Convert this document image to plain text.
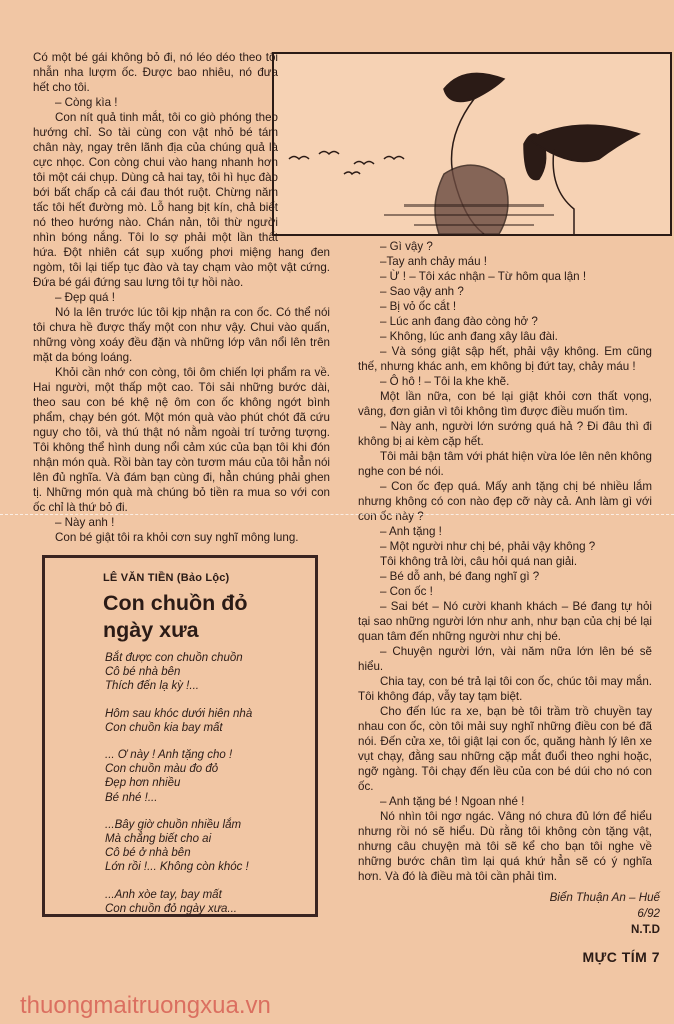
Có một bé gái không bỏ đi, nó léo déo theo tôi nhẫn nha lượm ốc. Được bao nhiêu, nó đưa hết cho tôi.

– Còng kìa !

Con nít quả tinh mắt, tôi co giò phóng theo hướng chỉ. So tài cùng con vật nhỏ bé tám chân này, ngay trên lãnh địa của chúng quả là cực nhọc. Con còng chui vào hang nhanh hơn tôi một cái chụp. Dùng cả hai tay, tôi hì hục đào bới bất chấp cả cái đau thót ruột. Chừng năm tấc tôi hết đường mò. Lỗ hang bịt kín, chả biết nó theo hướng nào. Chán nản, tôi thừ người nhìn bóng nắng. Tôi lo sợ phải một lần thất hứa. Đột nhiên cát sụp xuống phơi miệng hang đen ngòm, tôi lại tiếp tục đào và tay chạm vào một vật cứng. Đứa bé gái đứng sau lưng tôi tự hồi nào.

– Đẹp quá !

Nó la lên trước lúc tôi kịp nhận ra con ốc. Có thể nói tôi chưa hề được thấy một con như vậy. Chui vào quấn, những vòng xoáy đều đặn và những lớp vân nổi lên trên mặt da bóng loáng.

Khỏi cần nhớ con còng, tôi ôm chiến lợi phẩm ra về. Hai người, một thấp một cao. Tôi sải những bước dài, theo sau con bé khệ nệ ôm con ốc không ngớt bình phẩm, chạy bén gót. Một món quà vào phút chót đã cứu nguy cho tôi, và thú thật nó nằm ngoài trí tưởng tượng. Tôi không thể hình dung nổi cảm xúc của bạn tôi khi đón nhận món quà. Rồi bàn tay còn tươm máu của tôi hẳn nói lên đủ nghĩa. Và đám bạn cùng đi, hẳn chúng phải ghen tị. Những món quà mà chúng bỏ tiền ra mua so với con ốc chỉ là thứ bỏ đi.

– Này anh !

Con bé giật tôi ra khỏi cơn suy nghĩ mông lung.

LÊ VĂN TIỀN (Bảo Lộc)
Con chuồn đỏ ngày xưa
Bắt được con chuồn chuồn
Cô bé nhà bên
Thích đến lạ kỳ !...
Hôm sau khóc dưới hiên nhà
Con chuồn kia bay mất
... Ơ này ! Anh tặng cho !
Con chuồn màu đo đỏ
Đẹp hơn nhiều
Bé nhé !...
...Bây giờ chuồn nhiều lắm
Mà chẳng biết cho ai
Cô bé ở nhà bên
Lớn rồi !... Không còn khóc !
...Anh xòe tay, bay mất
Con chuồn đỏ ngày xưa...

– Gì vậy ?

–Tay anh chảy máu !

– Ừ ! – Tôi xác nhận – Từ hôm qua lận !

– Sao vậy anh ?

– Bị vỏ ốc cắt !

– Lúc anh đang đào còng hở ?

– Không, lúc anh đang xây lâu đài.

– Và sóng giật sập hết, phải vậy không. Em cũng thế, nhưng khác anh, em không bị đứt tay, chảy máu !

– Ô hô ! – Tôi la khe khẽ.

Một lần nữa, con bé lại giật khỏi cơn thất vọng, vâng, đơn giản vì tôi không tìm được điều muốn tìm.

– Này anh, người lớn sướng quá hả ? Đi đâu thì đi không bị ai kèm cặp hết.

Tôi mải bận tâm với phát hiện vừa lóe lên nên không nghe con bé nói.

– Con ốc đẹp quá. Mấy anh tặng chị bé nhiều lắm nhưng không có con nào đẹp cỡ này cả. Anh làm gì với con ốc này ?

– Anh tặng !

– Một người như chị bé, phải vậy không ?

Tôi không trả lời, câu hỏi quá nan giải.

– Bé dỗ anh, bé đang nghĩ gì ?

– Con ốc !

– Sai bét – Nó cười khanh khách – Bé đang tự hỏi tại sao những người lớn như anh, như bạn của chị bé lại quan tâm đến những người như chị bé.

– Chuyện người lớn, vài năm nữa lớn lên bé sẽ hiểu.

Chia tay, con bé trả lại tôi con ốc, chúc tôi may mắn. Tôi không đáp, vẫy tay tạm biệt.

Cho đến lúc ra xe, bạn bè tôi trầm trồ chuyền tay nhau con ốc, còn tôi mải suy nghĩ những điều con bé đã nói. Đến cửa xe, tôi giật lại con ốc, quăng hành lý lên xe vụt chạy, đằng sau những cặp mắt đuổi theo nghi hoặc, ngỡ ngàng. Tôi chạy đến lều của con bé dúi cho nó con ốc.

– Anh tặng bé ! Ngoan nhé !

Nó nhìn tôi ngơ ngác. Vâng nó chưa đủ lớn để hiểu nhưng rồi nó sẽ hiểu. Dù rằng tôi không còn tặng vật, nhưng câu chuyện mà tôi sẽ kể cho bạn tôi nghe về những bước chân tìm lại quá khứ hẳn sẽ có ý nghĩa hơn. Và đó là điều mà tôi cần phải tìm.

Biển Thuận An – Huế
6/92
N.T.D
MỰC TÍM 7
thuongmaitruongxua.vn
